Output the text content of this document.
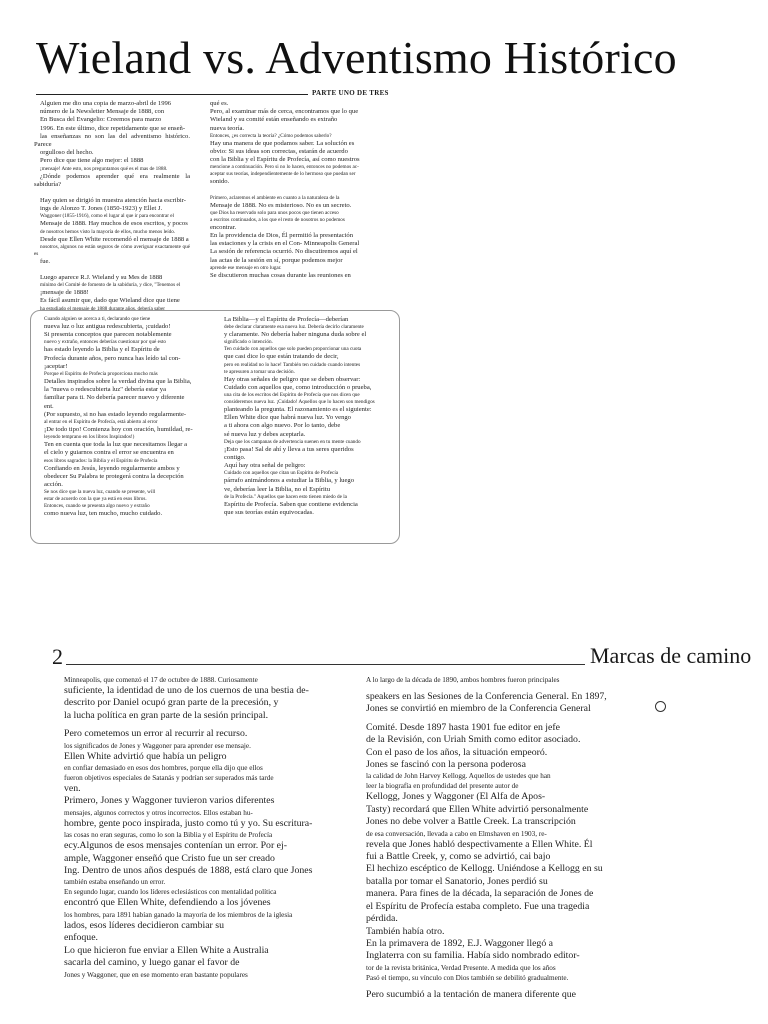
Wieland vs. Adventismo Histórico
PARTE UNO DE TRES

Alguien me dio una copia de marzo-abril de 1996

número de la Newsletter Mensaje de 1888, con

En Busca del Evangelio: Creemos para marzo

1996. En este último, dice repetidamente que se enseñ-

las enseñanzas no son las del adventismo histórico. Parece

orgulloso del hecho.

Pero dice que tiene algo mejor: el 1888

¡mensaje! Ante esto, nos preguntamos qué es el mas de 1888.

¿Dónde podemos aprender qué era realmente la sabiduría?

Hay quien se dirigió in muestra atención hacia escribir-

ings de Alonzo T. Jones (1850-1923) y Ellet J.

Waggoner (1855-1916), como el lugar al que ir para encontrar el

Mensaje de 1888. Hay muchos de esos escritos, y pocos

de nosotros hemos visto la mayoría de ellos, mucho menos leído.

Desde que Ellen White recomendó el mensaje de 1888 a

nosotros, algunos no están seguros de cómo averiguar exactamente qué es

fue.

Luego aparece R.J. Wieland y su Mes de 1888

mínimo del Comité de fomento de la sabiduría, y dice, "Tenemos el

¡mensaje de 1888!

Es fácil asumir que, dado que Wieland dice que tiene

ha estudiado el mensaje de 1888 durante años, debería saber

qué es.

Pero, al examinar más de cerca, encontramos que lo que

Wieland y su comité están enseñando es extraño

nueva teoría.

Entonces, ¿es correcta la teoría? ¿Cómo podemos saberlo?

Hay una manera de que podamos saber. La solución es

obvio: Si sus ideas son correctas, estarán de acuerdo

con la Biblia y el Espíritu de Profecía, así como nuestros

mencione a continuación. Pero si no lo hacen, entonces no podemos ac-

aceptar sus teorías, independientemente de lo hermoso que puedan ser

sonido.

Primero, aclaremos el ambiente en cuanto a la naturaleza de la

Mensaje de 1888. No es misterioso. No es un secreto.

que Dios ha reservado solo para unos pocos que tienen acceso

a escritos continuados, a los que el resto de nosotros no podemos

encontrar.

En la providencia de Dios, Él permitió la presentación

las estaciones y la crisis en el Con- Minneapolis General

La sesión de referencia ocurrió. No discutiremos aquí el

las actas de la sesión en sí, porque podemos mejor

aprende ese mensaje en otro lugar.

Se discutieron muchas cosas durante las reuniones en

Cuando alguien se acerca a ti, declarando que tiene

nueva luz o luz antigua redescubierta, ¡cuidado!

Si presenta conceptos que parecen notablemente

nuevo y extraño, entonces deberías cuestionar por qué esto

has estado leyendo la Biblia y el Espíritu de

Profecía durante años, pero nunca has leído tal con-

¡aceptar!

Porque el Espíritu de Profecía proporciona mucho más

Detalles inspirados sobre la verdad divina que la Biblia,

la "nueva o redescubierta luz" debería estar ya

familiar para ti. No debería parecer nuevo y diferente

ent.

(Por supuesto, si no has estado leyendo regularmente-

al entrar en el Espíritu de Profecía, está abierto al error

¡De todo tipo! Comienza hoy con oración, humildad, re-

leyendo temprano en los libros Inspirados!)

Ten en cuenta que toda la luz que necesitamos llegar a

el cielo y guiarnos contra el error se encuentra en

esos libros sagrados: la Biblia y el Espíritu de Profecía

Confiando en Jesús, leyendo regularmente ambos y

obedecer Su Palabra te protegerá contra la decepción

acción.

Se nos dice que la nueva luz, cuando se presente, will

estar de acuerdo con la que ya está en esos libros.

Entonces, cuando se presenta algo nuevo y extraño

como nueva luz, ten mucho, mucho cuidado.

La Biblia—y el Espíritu de Profecía—deberían

debe declarar claramente esa nueva luz. Debería decirlo claramente

y claramente. No debería haber ninguna duda sobre el

significado o intención.

Ten cuidado con aquellos que solo pueden proporcionar una cuota

que casi dice lo que están tratando de decir,

pero en realidad no lo hace! También ten cuidado cuando intentes

te apresuren a tomar una decisión.

Hay otras señales de peligro que se deben observar:

Cuidado con aquellos que, como introducción o prueba,

una cita de los escritos del Espíritu de Profecía que nos dicen que

consideremos nueva luz. ¡Cuidado! Aquellos que lo hacen son mendigos

planteando la pregunta. El razonamiento es el siguiente:

Ellen White dice que habrá nueva luz. Yo vengo

a ti ahora con algo nuevo. Por lo tanto, debe

sé nueva luz y debes aceptarla.

Deja que los campanas de advertencia suenen en tu mente cuando

¡Esto pasa! Sal de ahí y lleva a tus seres queridos

contigo.

Aquí hay otra señal de peligro:

Cuidado con aquellos que citan un Espíritu de Profecía

párrafo animándonos a estudiar la Biblia, y luego

ve, deberías leer la Biblia, no el Espíritu

de la Profecía." Aquellos que hacen esto tienen miedo de la

Espíritu de Profecía. Saben que contiene evidencia

que sus teorías están equivocadas.

2	Marcas de camino

Minneapolis, que comenzó el 17 de octubre de 1888. Curiosamente

suficiente, la identidad de uno de los cuernos de una bestia de-

descrito por Daniel ocupó gran parte de la precesión, y

la lucha política en gran parte de la sesión principal.

Pero cometemos un error al recurrir al recurso.

los significados de Jones y Waggoner para aprender ese mensaje.

Ellen White advirtió que había un peligro

en confiar demasiado en esos dos hombres, porque ella dijo que ellos

fueron objetivos especiales de Satanás y podrían ser superados más tarde

ven.

Primero, Jones y Waggoner tuvieron varios diferentes

mensajes, algunos correctos y otros incorrectos. Ellos estaban hu-

hombre, gente poco inspirada, justo como tú y yo. Su escritura-

las cosas no eran seguras, como lo son la Biblia y el Espíritu de Profecía

ecy.Algunos de esos mensajes contenían un error. Por ej-

ample, Waggoner enseñó que Cristo fue un ser creado

Ing. Dentro de unos años después de 1888, está claro que Jones

también estaba enseñando un error.

En segundo lugar, cuando los líderes eclesiásticos con mentalidad política

encontró que Ellen White, defendiendo a los jóvenes

los hombres, para 1891 habían ganado la mayoría de los miembros de la iglesia

lados, esos líderes decidieron cambiar su

enfoque.

Lo que hicieron fue enviar a Ellen White a Australia

sacarla del camino, y luego ganar el favor de

Jones y Waggoner, que en ese momento eran bastante populares

A lo largo de la década de 1890, ambos hombres fueron principales

speakers en las Sesiones de la Conferencia General. En 1897,

Jones se convirtió en miembro de la Conferencia General

Comité. Desde 1897 hasta 1901 fue editor en jefe

de la Revisión, con Uriah Smith como editor asociado.

Con el paso de los años, la situación empeoró.

Jones se fascinó con la persona poderosa

la calidad de John Harvey Kellogg. Aquellos de ustedes que han

leer la biografía en profundidad del presente autor de

Kellogg, Jones y Waggoner (El Alfa de Apos-

Tasty) recordará que Ellen White advirtió personalmente

Jones no debe volver a Battle Creek. La transcripción

de esa conversación, llevada a cabo en Elmshaven en 1903, re-

revela que Jones habló despectivamente a Ellen White. Él

fui a Battle Creek, y, como se advirtió, cai bajo

El hechizo escéptico de Kellogg. Uniéndose a Kellogg en su

batalla por tomar el Sanatorio, Jones perdió su

manera. Para fines de la década, la separación de Jones de

el Espíritu de Profecía estaba completo. Fue una tragedia

pérdida.

También había otro.

En la primavera de 1892, E.J. Waggoner llegó a

Inglaterra con su familia. Había sido nombrado editor-

tor de la revista británica, Verdad Presente. A medida que los años

Pasó el tiempo, su vínculo con Dios también se debilitó gradualmente.

Pero sucumbió a la tentación de manera diferente que
